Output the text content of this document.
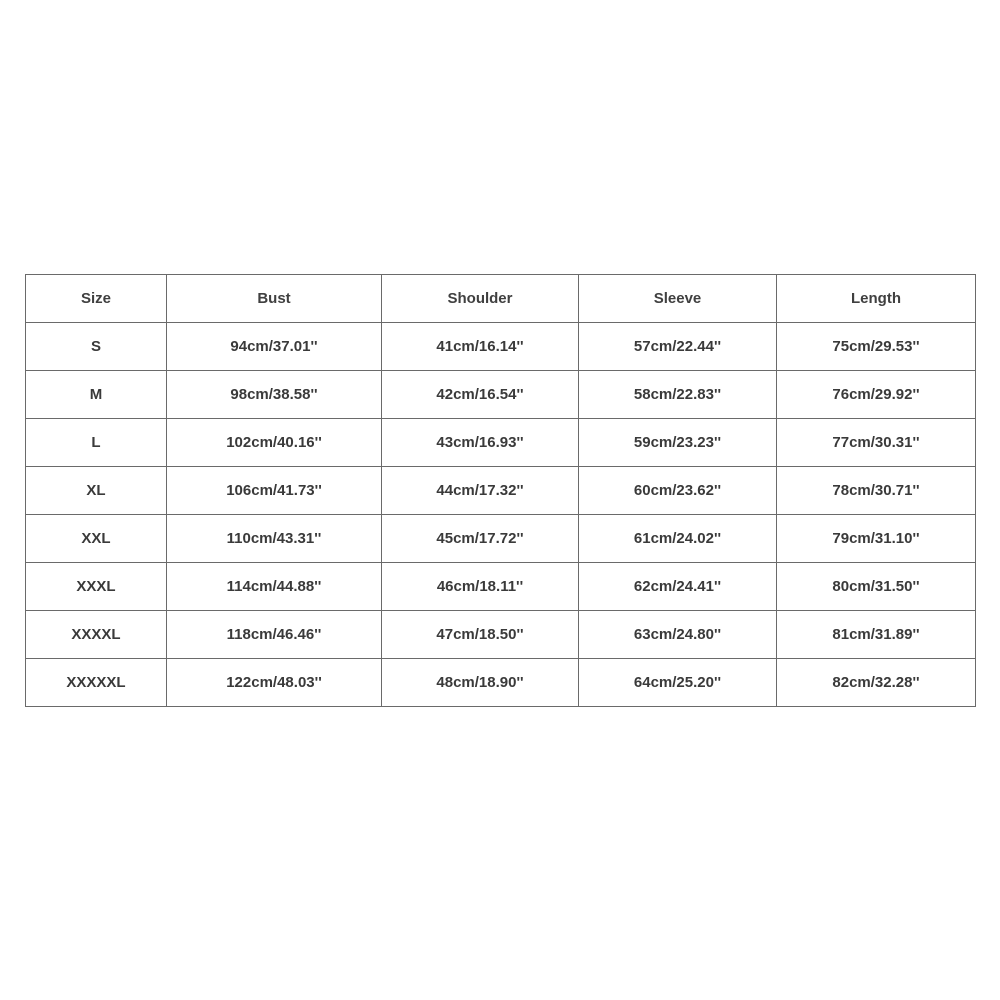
Size	Bust	Shoulder	Sleeve	Length
S	94cm/37.01''	41cm/16.14''	57cm/22.44''	75cm/29.53''
M	98cm/38.58''	42cm/16.54''	58cm/22.83''	76cm/29.92''
L	102cm/40.16''	43cm/16.93''	59cm/23.23''	77cm/30.31''
XL	106cm/41.73''	44cm/17.32''	60cm/23.62''	78cm/30.71''
XXL	110cm/43.31''	45cm/17.72''	61cm/24.02''	79cm/31.10''
XXXL	114cm/44.88''	46cm/18.11''	62cm/24.41''	80cm/31.50''
XXXXL	118cm/46.46''	47cm/18.50''	63cm/24.80''	81cm/31.89''
XXXXXL	122cm/48.03''	48cm/18.90''	64cm/25.20''	82cm/32.28''
